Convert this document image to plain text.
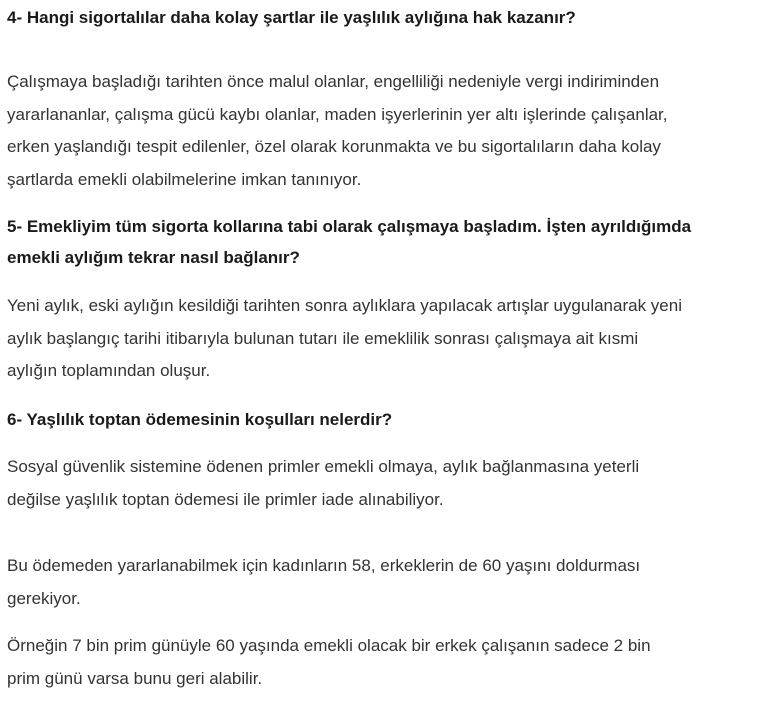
4- Hangi sigortalılar daha kolay şartlar ile yaşlılık aylığına hak kazanır?

Çalışmaya başladığı tarihten önce malul olanlar, engelliliği nedeniyle vergi indiriminden
yararlananlar, çalışma gücü kaybı olanlar, maden işyerlerinin yer altı işlerinde çalışanlar,
erken yaşlandığı tespit edilenler, özel olarak korunmakta ve bu sigortalıların daha kolay
şartlarda emekli olabilmelerine imkan tanınıyor.

5- Emekliyim tüm sigorta kollarına tabi olarak çalışmaya başladım. İşten ayrıldığımda
emekli aylığım tekrar nasıl bağlanır?

Yeni aylık, eski aylığın kesildiği tarihten sonra aylıklara yapılacak artışlar uygulanarak yeni
aylık başlangıç tarihi itibarıyla bulunan tutarı ile emeklilik sonrası çalışmaya ait kısmi
aylığın toplamından oluşur.

6- Yaşlılık toptan ödemesinin koşulları nelerdir?

Sosyal güvenlik sistemine ödenen primler emekli olmaya, aylık bağlanmasına yeterli
değilse yaşlılık toptan ödemesi ile primler iade alınabiliyor.

Bu ödemeden yararlanabilmek için kadınların 58, erkeklerin de 60 yaşını doldurması
gerekiyor.

Örneğin 7 bin prim günüyle 60 yaşında emekli olacak bir erkek çalışanın sadece 2 bin
prim günü varsa bunu geri alabilir.
